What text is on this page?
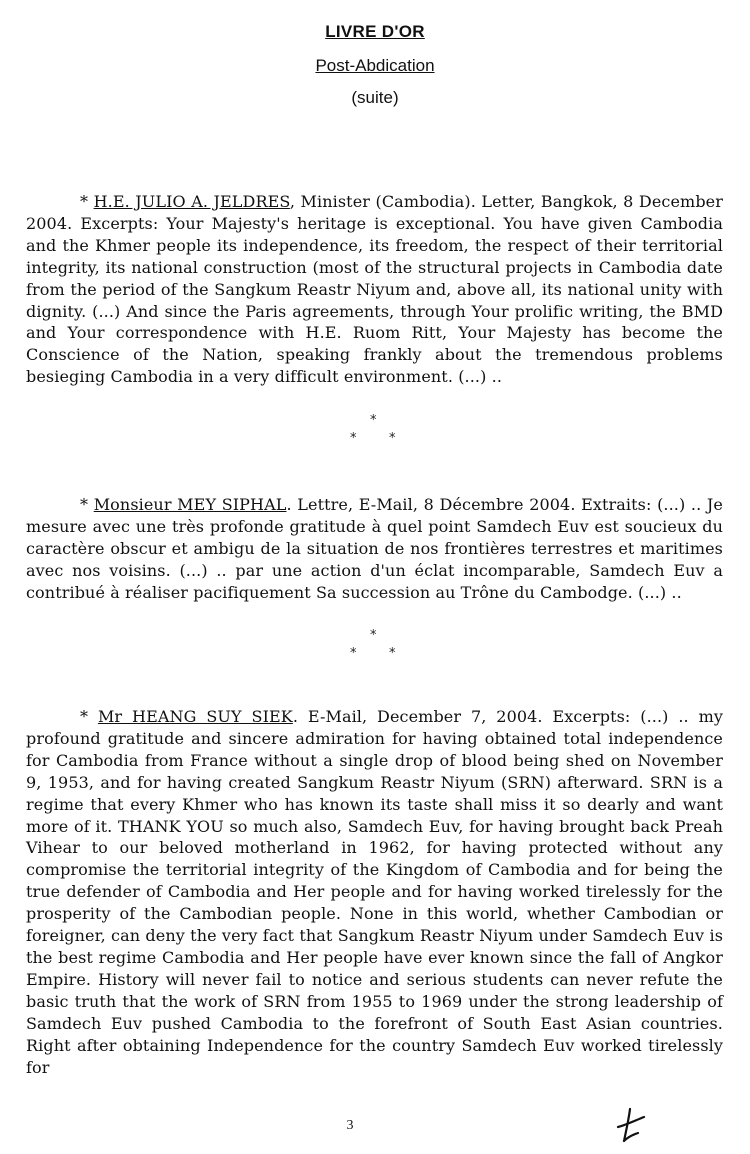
LIVRE D'OR
Post-Abdication
(suite)

* H.E. JULIO A. JELDRES, Minister (Cambodia). Letter, Bangkok, 8 December 2004. Excerpts: Your Majesty's heritage is exceptional. You have given Cambodia and the Khmer people its independence, its freedom, the respect of their territorial integrity, its national construction (most of the structural projects in Cambodia date from the period of the Sangkum Reastr Niyum and, above all, its national unity with dignity. (...) And since the Paris agreements, through Your prolific writing, the BMD and Your correspondence with H.E. Ruom Ritt, Your Majesty has become the Conscience of the Nation, speaking frankly about the tremendous problems besieging Cambodia in a very difficult environment. (...) ..

*
*	*

* Monsieur MEY SIPHAL. Lettre, E-Mail, 8 Décembre 2004. Extraits: (...) .. Je mesure avec une très profonde gratitude à quel point Samdech Euv est soucieux du caractère obscur et ambigu de la situation de nos frontières terrestres et maritimes avec nos voisins. (...) .. par une action d'un éclat incomparable, Samdech Euv a contribué à réaliser pacifiquement Sa succession au Trône du Cambodge. (...) ..

*
*	*

* Mr HEANG SUY SIEK. E-Mail, December 7, 2004. Excerpts: (...) .. my profound gratitude and sincere admiration for having obtained total independence for Cambodia from France without a single drop of blood being shed on November 9, 1953, and for having created Sangkum Reastr Niyum (SRN) afterward. SRN is a regime that every Khmer who has known its taste shall miss it so dearly and want more of it. THANK YOU so much also, Samdech Euv, for having brought back Preah Vihear to our beloved motherland in 1962, for having protected without any compromise the territorial integrity of the Kingdom of Cambodia and for being the true defender of Cambodia and Her people and for having worked tirelessly for the prosperity of the Cambodian people. None in this world, whether Cambodian or foreigner, can deny the very fact that Sangkum Reastr Niyum under Samdech Euv is the best regime Cambodia and Her people have ever known since the fall of Angkor Empire. History will never fail to notice and serious students can never refute the basic truth that the work of SRN from 1955 to 1969 under the strong leadership of Samdech Euv pushed Cambodia to the forefront of South East Asian countries. Right after obtaining Independence for the country Samdech Euv worked tirelessly for

3
